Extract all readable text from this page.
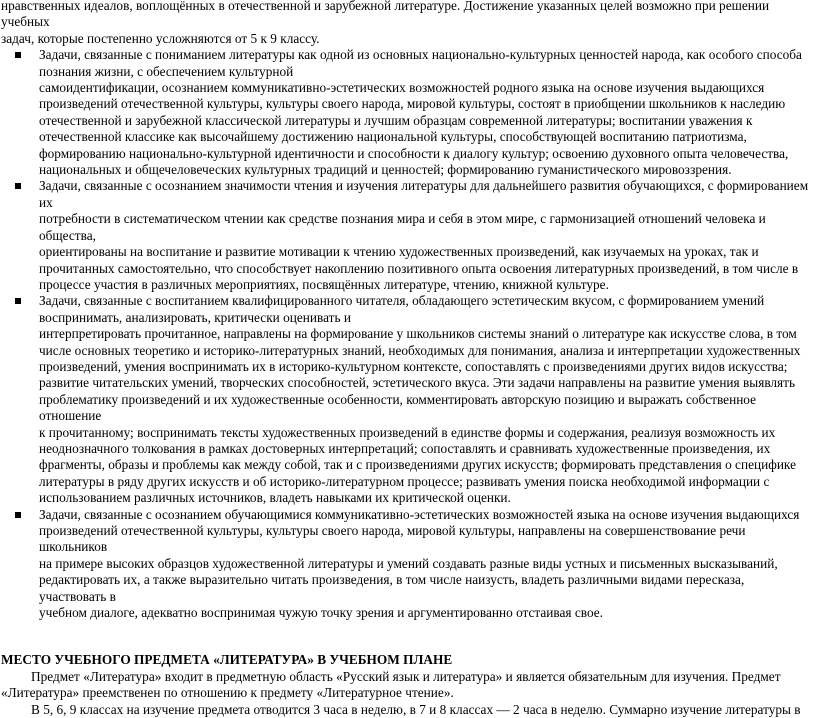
нравственных идеалов, воплощённых в отечественной и зарубежной литературе. Достижение указанных целей возможно при решении учебных
задач, которые постепенно усложняются от 5 к 9 классу.

Задачи, связанные с пониманием литературы как одной из основных национально-культурных ценностей народа, как особого способа
познания жизни, с обеспечением культурной
самоидентификации, осознанием коммуникативно-эстетических возможностей родного языка на основе изучения выдающихся
произведений отечественной культуры, культуры своего народа, мировой культуры, состоят в приобщении школьников к наследию
отечественной и зарубежной классической литературы и лучшим образцам современной литературы; воспитании уважения к
отечественной классике как высочайшему достижению национальной культуры, способствующей воспитанию патриотизма,
формированию национально-культурной идентичности и способности к диалогу культур; освоению духовного опыта человечества,
национальных и общечеловеческих культурных традиций и ценностей; формированию гуманистического мировоззрения.
Задачи, связанные с осознанием значимости чтения и изучения литературы для дальнейшего развития обучающихся, с формированием их
потребности в систематическом чтении как средстве познания мира и себя в этом мире, с гармонизацией отношений человека и общества,
ориентированы на воспитание и развитие мотивации к чтению художественных произведений, как изучаемых на уроках, так и
прочитанных самостоятельно, что способствует накоплению позитивного опыта освоения литературных произведений, в том числе в
процессе участия в различных мероприятиях, посвящённых литературе, чтению, книжной культуре.
Задачи, связанные с воспитанием квалифицированного читателя, обладающего эстетическим вкусом, с формированием умений
воспринимать, анализировать, критически оценивать и
интерпретировать прочитанное, направлены на формирование у школьников системы знаний о литературе как искусстве слова, в том
числе основных теоретико и историко-литературных знаний, необходимых для понимания, анализа и интерпретации художественных
произведений, умения воспринимать их в историко-культурном контексте, сопоставлять с произведениями других видов искусства;
развитие читательских умений, творческих способностей, эстетического вкуса. Эти задачи направлены на развитие умения выявлять
проблематику произведений и их художественные особенности, комментировать авторскую позицию и выражать собственное отношение
к прочитанному; воспринимать тексты художественных произведений в единстве формы и содержания, реализуя возможность их
неоднозначного толкования в рамках достоверных интерпретаций; сопоставлять и сравнивать художественные произведения, их
фрагменты, образы и проблемы как между собой, так и с произведениями других искусств; формировать представления о специфике
литературы в ряду других искусств и об историко-литературном процессе; развивать умения поиска необходимой информации с
использованием различных источников, владеть навыками их критической оценки.
Задачи, связанные с осознанием обучающимися коммуникативно-эстетических возможностей языка на основе изучения выдающихся
произведений отечественной культуры, культуры своего народа, мировой культуры, направлены на совершенствование речи школьников
на примере высоких образцов художественной литературы и умений создавать разные виды устных и письменных высказываний,
редактировать их, а также выразительно читать произведения, в том числе наизусть, владеть различными видами пересказа, участвовать в
учебном диалоге, адекватно воспринимая чужую точку зрения и аргументированно отстаивая свое.

МЕСТО УЧЕБНОГО ПРЕДМЕТА «ЛИТЕРАТУРА» В УЧЕБНОМ ПЛАНЕ

Предмет «Литература» входит в предметную область «Русский язык и литература» и является обязательным для изучения. Предмет
«Литература» преемственен по отношению к предмету «Литературное чтение».

В 5, 6, 9 классах на изучение предмета отводится 3 часа в неделю, в 7 и 8 классах — 2 часа в неделю. Суммарно изучение литературы в
